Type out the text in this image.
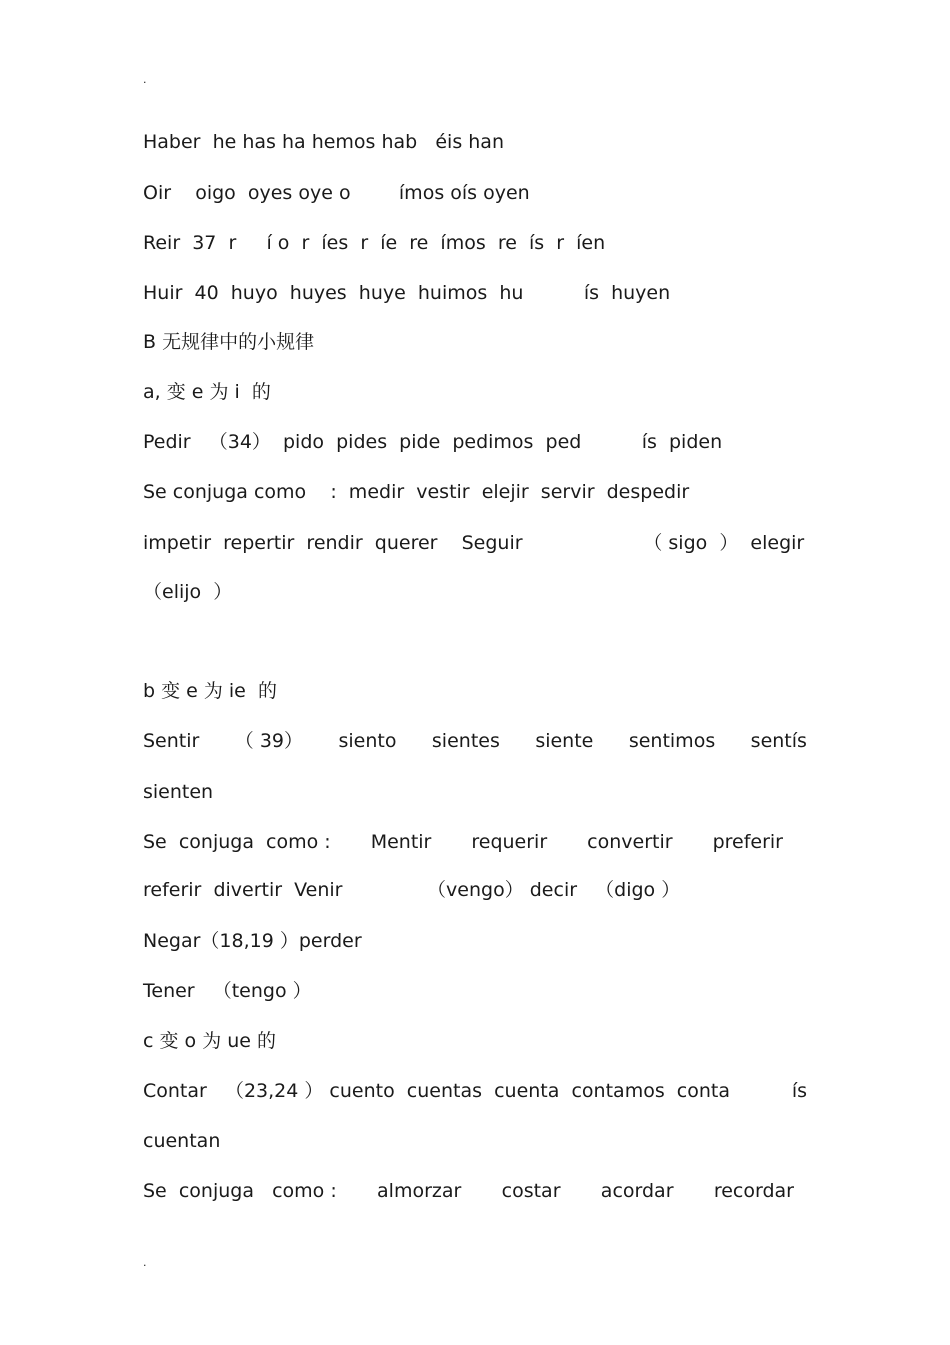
.
Haber  he has ha hemos hab   éis han
Oir    oigo  oyes oye o        ímos oís oyen
Reir  37  r     í o  r  íes  r  íe  re  ímos  re  ís  r  íen
Huir  40  huyo  huyes  huye  huimos  hu          ís  huyen
B 无规律中的小规律
a, 变 e 为 i  的
Pedir   （34）  pido  pides  pide  pedimos  ped          ís  piden
Se conjuga como    :  medir  vestir  elejir  servir  despedir
impetir  repertir  rendir  querer    Seguir                    （ sigo  ）  elegir
（elijo  ）
b 变 e 为 ie  的
Sentir （ 39） siento sientes siente sentimos sentís
sienten
Se  conjuga  como : Mentir requerir convertir preferir
referir  divertir  Venir              （vengo） decir   （digo ）
Negar（18,19 ）perder
Tener   （tengo ）
c 变 o 为 ue 的
Contar   （23,24 ） cuento  cuentas  cuenta  contamos  conta	ís
cuentan
Se  conjuga   como : almorzar costar acordar recordar
.
